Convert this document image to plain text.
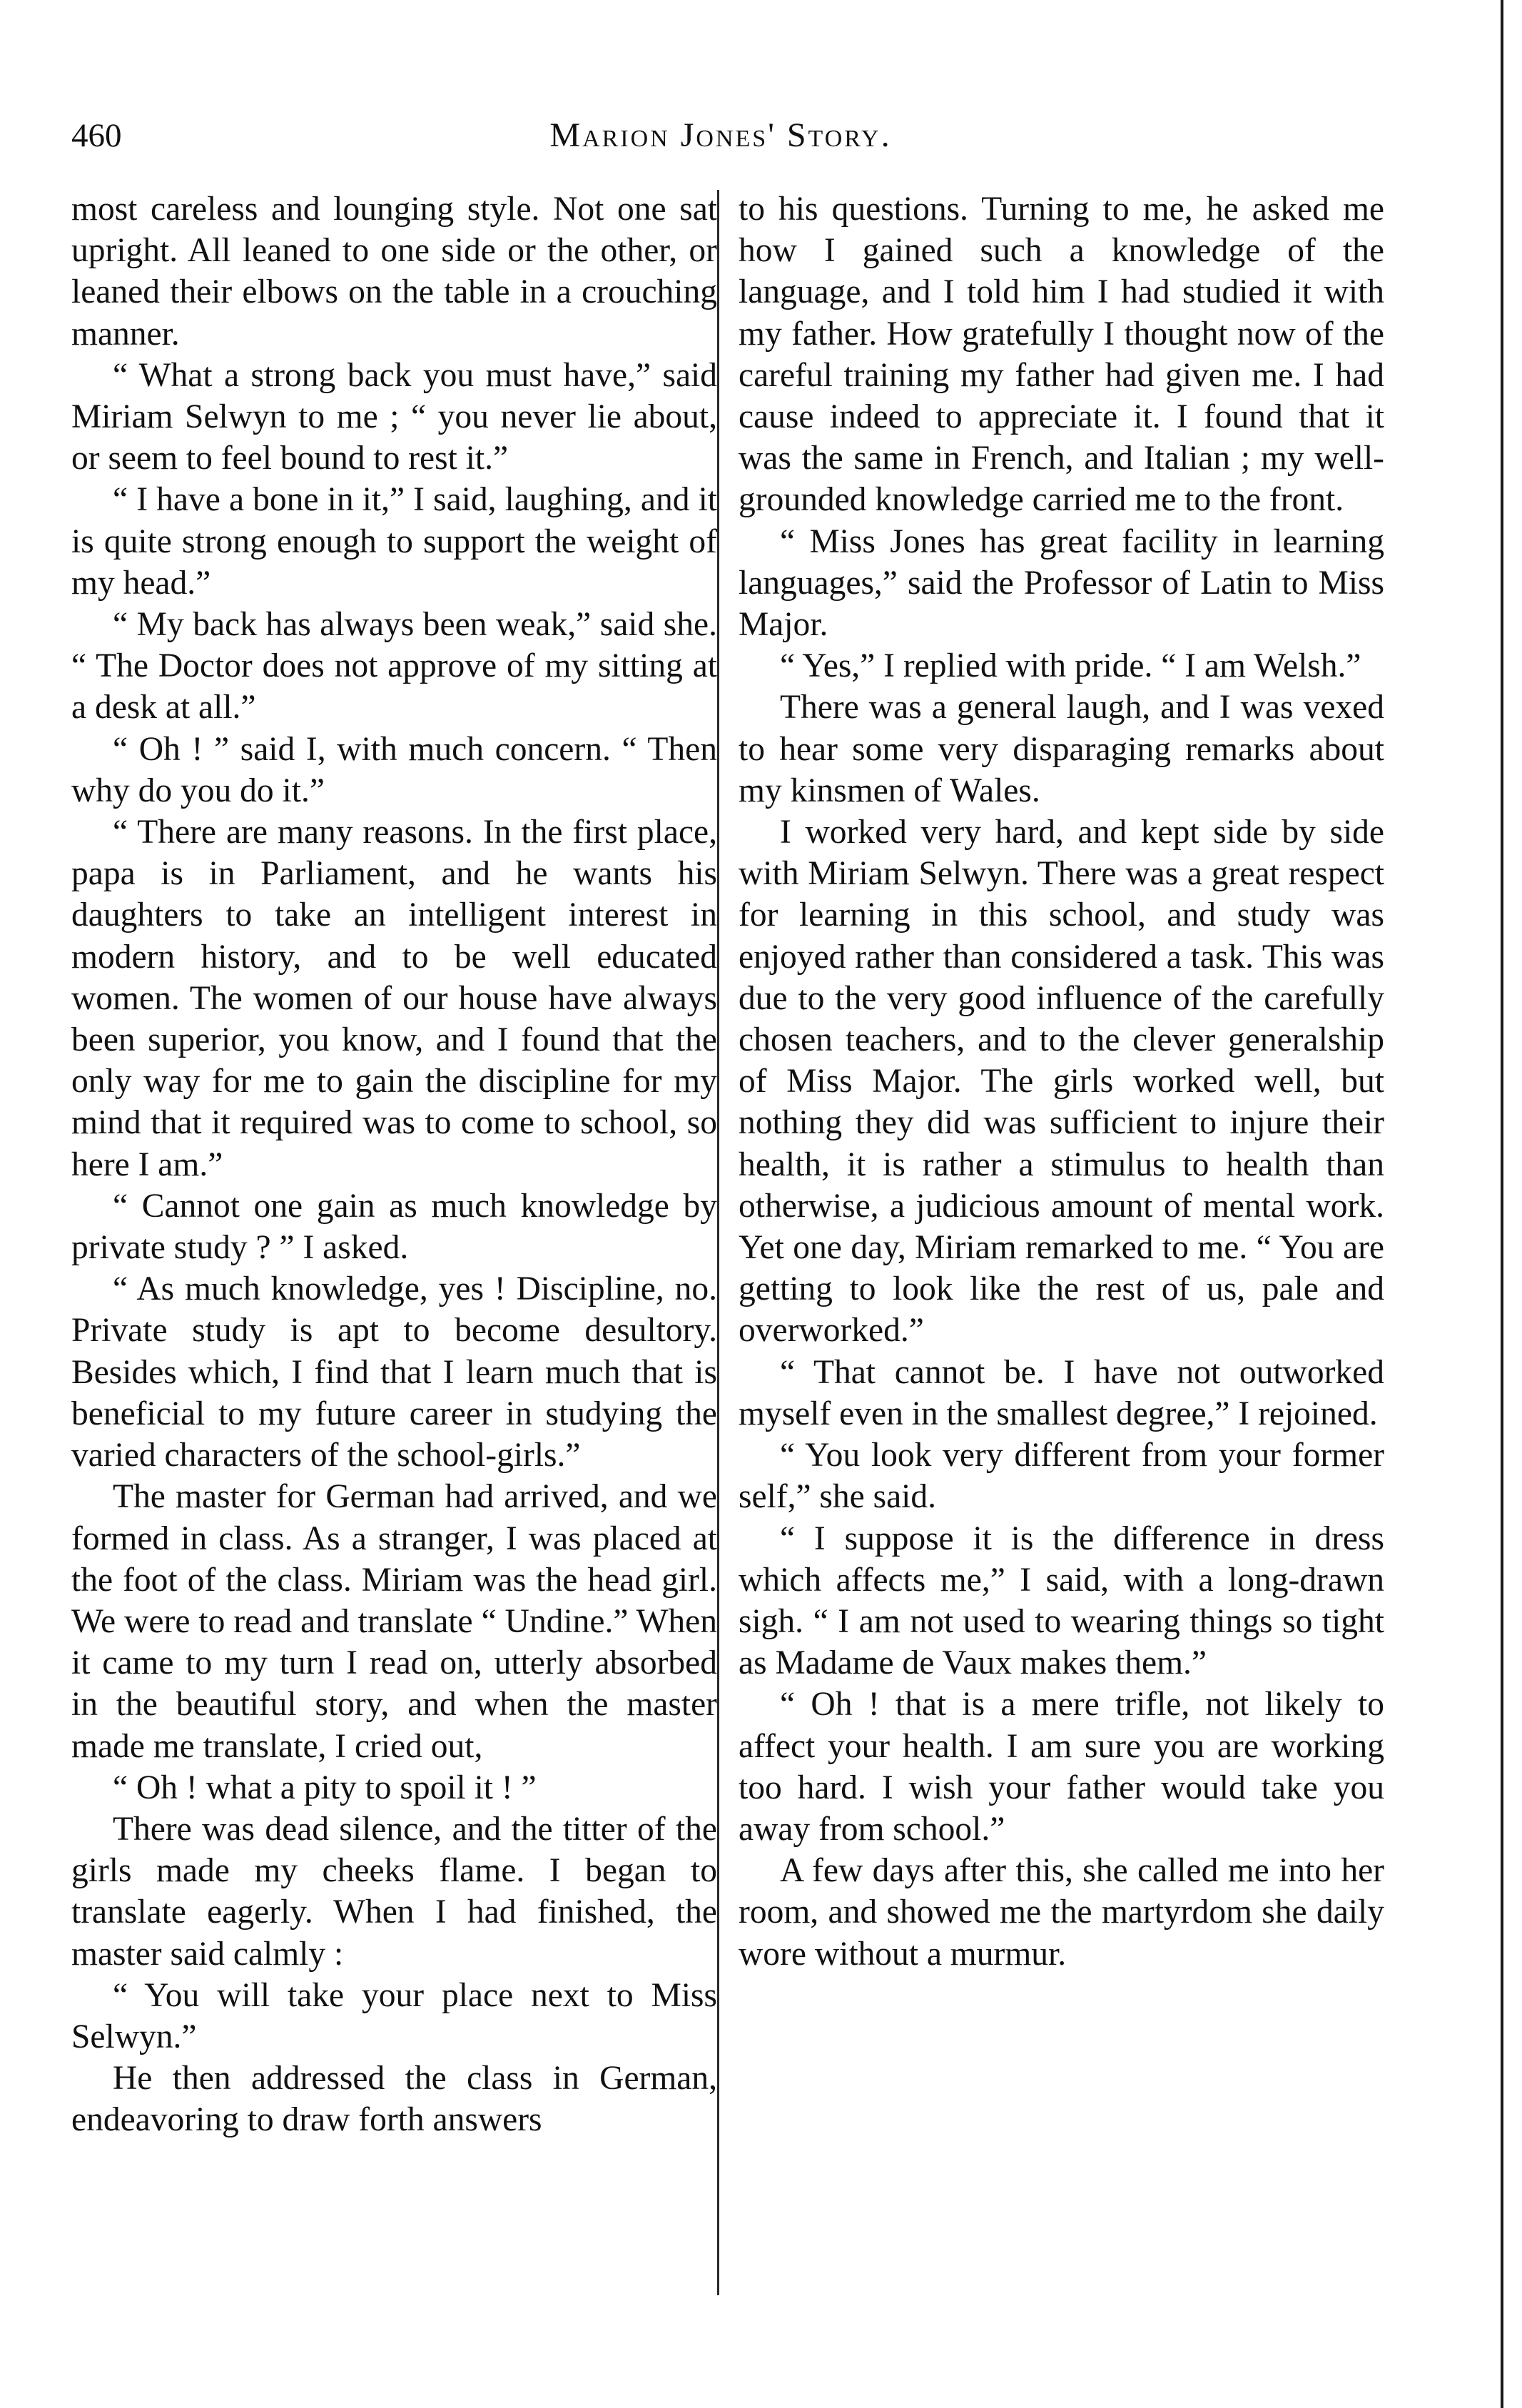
460	Marion Jones' Story.

most careless and lounging style. Not one sat upright. All leaned to one side or the other, or leaned their elbows on the table in a crouching manner.

“ What a strong back you must have,” said Miriam Selwyn to me ; “ you never lie about, or seem to feel bound to rest it.”

“ I have a bone in it,” I said, laughing, and it is quite strong enough to support the weight of my head.”

“ My back has always been weak,” said she. “ The Doctor does not approve of my sitting at a desk at all.”

“ Oh ! ” said I, with much concern. “ Then why do you do it.”

“ There are many reasons. In the first place, papa is in Parliament, and he wants his daughters to take an intelligent interest in modern history, and to be well educated women. The women of our house have always been superior, you know, and I found that the only way for me to gain the discipline for my mind that it required was to come to school, so here I am.”

“ Cannot one gain as much knowledge by private study ? ” I asked.

“ As much knowledge, yes ! Discipline, no. Private study is apt to become desultory. Besides which, I find that I learn much that is beneficial to my future career in studying the varied characters of the school-girls.”

The master for German had arrived, and we formed in class. As a stranger, I was placed at the foot of the class. Miriam was the head girl. We were to read and translate “ Undine.” When it came to my turn I read on, utterly absorbed in the beautiful story, and when the master made me translate, I cried out,

“ Oh ! what a pity to spoil it ! ”

There was dead silence, and the titter of the girls made my cheeks flame. I began to translate eagerly. When I had finished, the master said calmly :

“ You will take your place next to Miss Selwyn.”

He then addressed the class in German, endeavoring to draw forth answers

to his questions. Turning to me, he asked me how I gained such a knowledge of the language, and I told him I had studied it with my father. How gratefully I thought now of the careful training my father had given me. I had cause indeed to appreciate it. I found that it was the same in French, and Italian ; my well-grounded knowledge carried me to the front.

“ Miss Jones has great facility in learning languages,” said the Professor of Latin to Miss Major.

“ Yes,” I replied with pride. “ I am Welsh.”

There was a general laugh, and I was vexed to hear some very disparaging remarks about my kinsmen of Wales.

I worked very hard, and kept side by side with Miriam Selwyn. There was a great respect for learning in this school, and study was enjoyed rather than considered a task. This was due to the very good influence of the carefully chosen teachers, and to the clever generalship of Miss Major. The girls worked well, but nothing they did was sufficient to injure their health, it is rather a stimulus to health than otherwise, a judicious amount of mental work. Yet one day, Miriam remarked to me. “ You are getting to look like the rest of us, pale and overworked.”

“ That cannot be. I have not outworked myself even in the smallest degree,” I rejoined.

“ You look very different from your former self,” she said.

“ I suppose it is the difference in dress which affects me,” I said, with a long-drawn sigh. “ I am not used to wearing things so tight as Madame de Vaux makes them.”

“ Oh ! that is a mere trifle, not likely to affect your health. I am sure you are working too hard. I wish your father would take you away from school.”

A few days after this, she called me into her room, and showed me the martyrdom she daily wore without a murmur.
